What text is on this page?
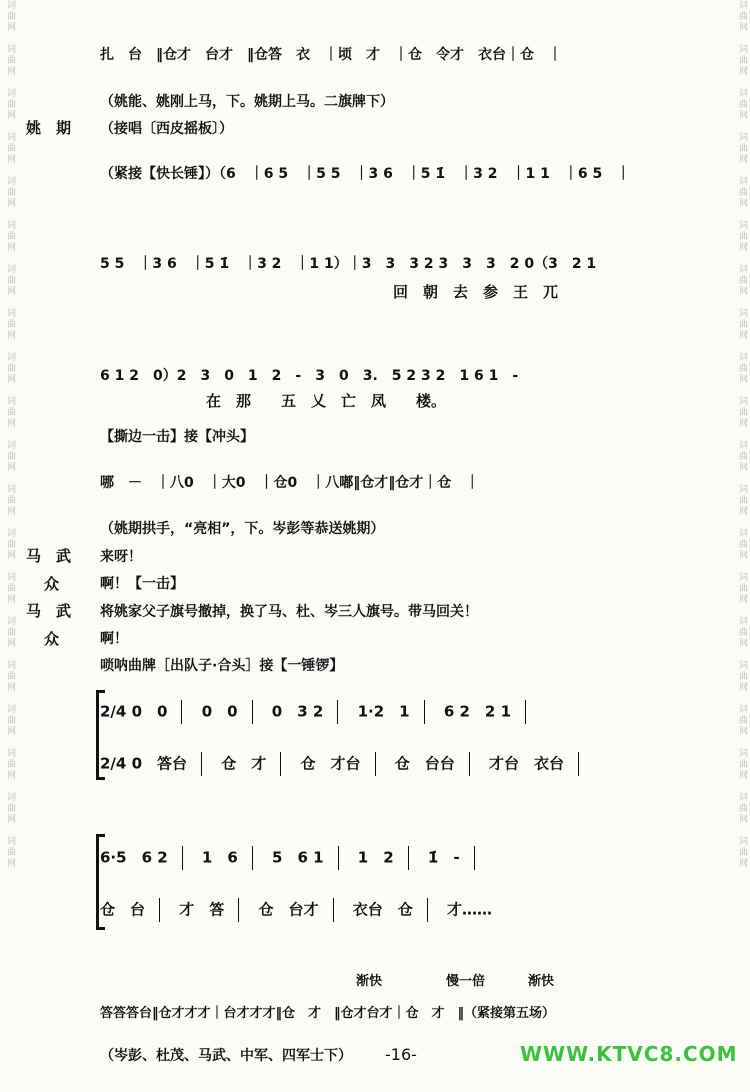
词曲网　词曲网　词曲网　词曲网　词曲网　词曲网　词曲网　词曲网　词曲网　词曲网　词曲网　词曲网　词曲网　词曲网　词曲网　词曲网　词曲网　词曲网　词曲网　词曲网
词曲网　词曲网　词曲网　词曲网　词曲网　词曲网　词曲网　词曲网　词曲网　词曲网　词曲网　词曲网　词曲网　词曲网　词曲网　词曲网　词曲网　词曲网　词曲网　词曲网
扎　台　‖仓才　台才　‖仓答　衣　｜顷　才　｜仓　令才　衣台｜仓　｜
（姚能、姚刚上马，下。姚期上马。二旗牌下）
姚　期 （接唱〔西皮摇板〕）
（紧接【快长锤】）（6　｜6 5　｜5 5　｜3 6　｜5 1̇　｜3 2　｜1 1　｜6 5　｜
5 5　｜3 6　｜5 1̇　｜3 2　｜1 1）｜3　3　3 2 3　3　3　2 0（3　2 1
回　朝　去　参　王　兀
6 1 2　0）2　3　0　1　2　-　3　0　3.　5 2 3 2　1 6 1　-
在　那　　五　乂　亡　凤　　楼。
【撕边一击】接【冲头】
哪　－　｜八0　｜大0　｜仓0　｜八嘟‖仓才‖仓才｜仓　｜
（姚期拱手，“亮相”，下。岑彭等恭送姚期）
马　武 来呀！
众	啊！【一击】
马　武 将姚家父子旗号撤掉，换了马、杜、岑三人旗号。带马回关！
众	啊！
唢呐曲牌［出队子·合头］接【一锤锣】
2/4 0　0 0　0 0　3 2 1·2　1 6 2　2 1
2/4 0　答台 仓　才 仓　才台 仓　台台 才台　衣台
6·5　6 2 1　6 5　6 1 1　2 1̇　-
仓　台 才　答 仓　台才 衣台　仓 才……
渐快	慢一倍	渐快
答答答台‖仓才才才｜台才才才‖仓　才　‖仓才台才｜仓　才　‖（紧接第五场）
（岑彭、杜茂、马武、中军、四军士下） -16-	WWW.KTVC8.COM
